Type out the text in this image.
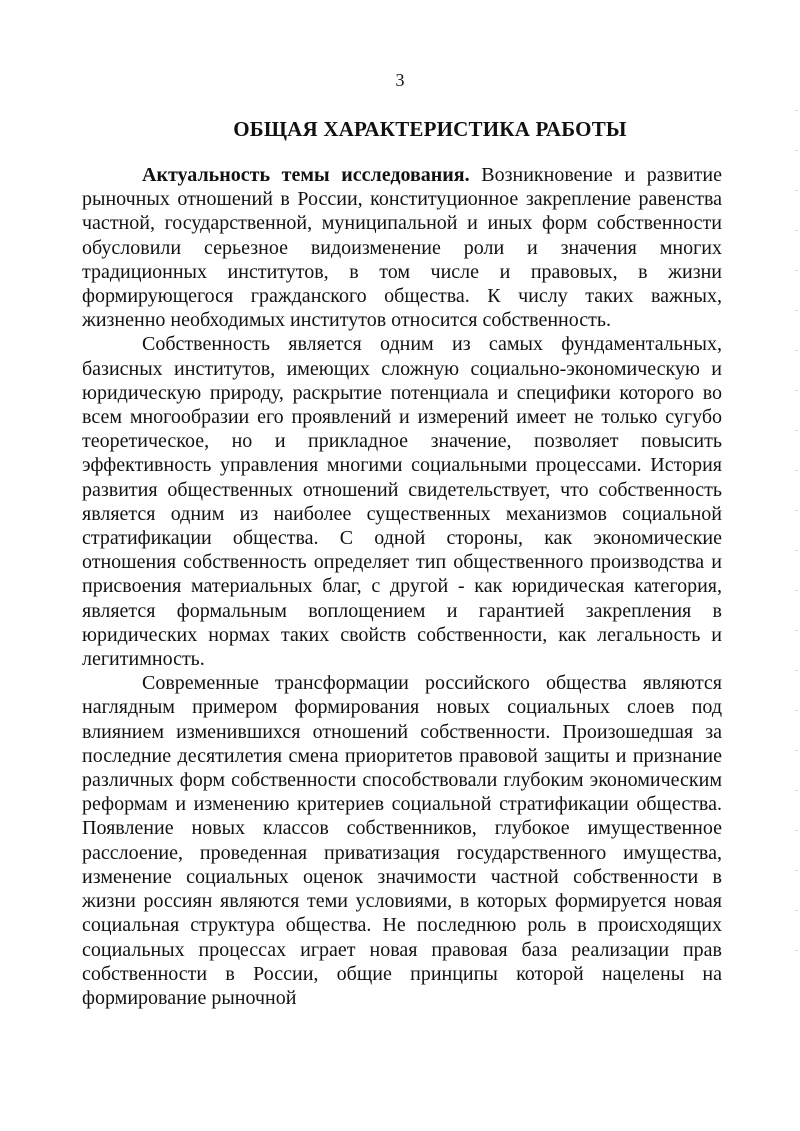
3
ОБЩАЯ ХАРАКТЕРИСТИКА РАБОТЫ

Актуальность темы исследования. Возникновение и развитие рыночных отношений в России, конституционное закрепление равенства частной, государственной, муниципальной и иных форм собственности обусловили серьезное видоизменение роли и значения многих традиционных институтов, в том числе и правовых, в жизни формирующегося гражданского общества. К числу таких важных, жизненно необходимых институтов относится собственность.

Собственность является одним из самых фундаментальных, базисных институтов, имеющих сложную социально-экономическую и юридическую природу, раскрытие потенциала и специфики которого во всем многообразии его проявлений и измерений имеет не только сугубо теоретическое, но и прикладное значение, позволяет повысить эффективность управления многими социальными процессами. История развития общественных отношений свидетельствует, что собственность является одним из наиболее существенных механизмов социальной стратификации общества. С одной стороны, как экономические отношения собственность определяет тип общественного производства и присвоения материальных благ, с другой - как юридическая категория, является формальным воплощением и гарантией закрепления в юридических нормах таких свойств собственности, как легальность и легитимность.

Современные трансформации российского общества являются наглядным примером формирования новых социальных слоев под влиянием изменившихся отношений собственности. Произошедшая за последние десятилетия смена приоритетов правовой защиты и признание различных форм собственности способствовали глубоким экономическим реформам и изменению критериев социальной стратификации общества. Появление новых классов собственников, глубокое имущественное расслоение, проведенная приватизация государственного имущества, изменение социальных оценок значимости частной собственности в жизни россиян являются теми условиями, в которых формируется новая социальная структура общества. Не последнюю роль в происходящих социальных процессах играет новая правовая база реализации прав собственности в России, общие принципы которой нацелены на формирование рыночной
